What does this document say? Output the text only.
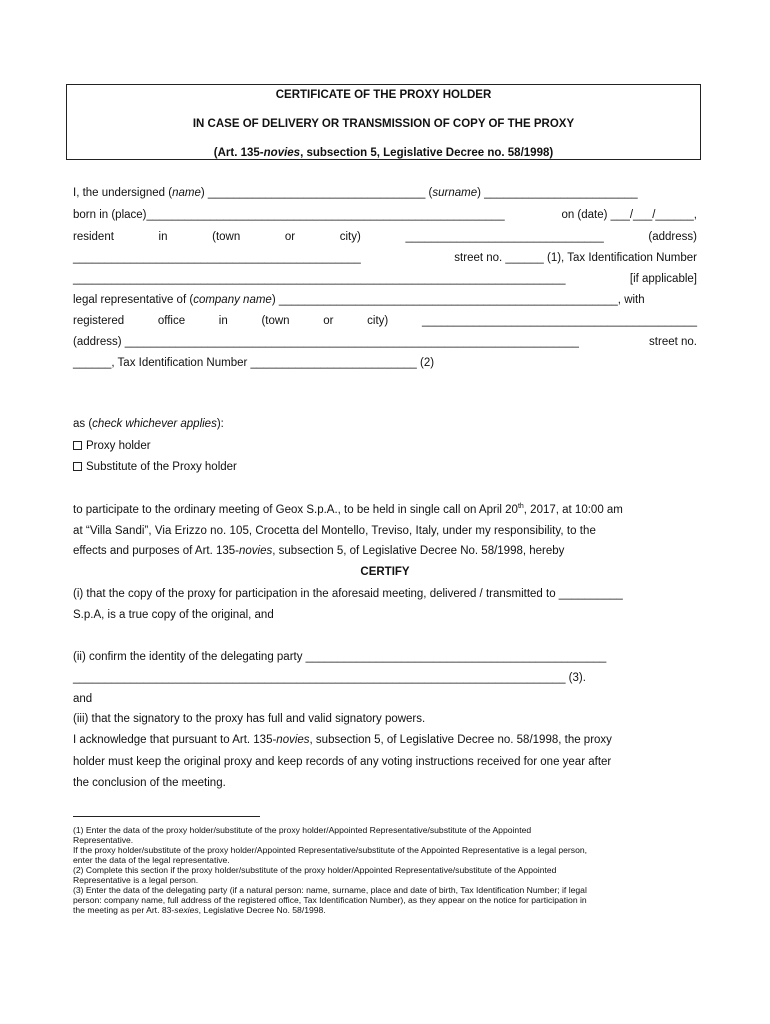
CERTIFICATE OF THE PROXY HOLDER
IN CASE OF DELIVERY OR TRANSMISSION OF COPY OF THE PROXY
(Art. 135-novies, subsection 5, Legislative Decree no. 58/1998)
I, the undersigned (name) __________________________________ (surname) ________________________
born in (place)________________________________________________________	on (date) ___/___/______,
resident	in	(town	or	city)	_______________________________	(address)
_____________________________________________	street no. ______ (1), Tax Identification Number
_____________________________________________________________________________	[if applicable]
legal representative of (company name) _____________________________________________________, with
registered	office	in	(town	or	city)	___________________________________________
(address) _______________________________________________________________________	street no.
______, Tax Identification Number __________________________ (2)
as (check whichever applies):
Proxy holder
Substitute of the Proxy holder
to participate to the ordinary meeting of Geox S.p.A., to be held in single call on April 20th, 2017, at 10:00 am
at “Villa Sandi”, Via Erizzo no. 105, Crocetta del Montello, Treviso, Italy, under my responsibility, to the
effects and purposes of Art. 135-novies, subsection 5, of Legislative Decree No. 58/1998, hereby
CERTIFY
(i) that the copy of the proxy for participation in the aforesaid meeting, delivered / transmitted to __________
S.p.A, is a true copy of the original, and
(ii) confirm the identity of the delegating party _______________________________________________
_____________________________________________________________________________ (3).
and
(iii) that the signatory to the proxy has full and valid signatory powers.
I acknowledge that pursuant to Art. 135-novies, subsection 5, of Legislative Decree no. 58/1998, the proxy
holder must keep the original proxy and keep records of any voting instructions received for one year after
the conclusion of the meeting.
(1) Enter the data of the proxy holder/substitute of the proxy holder/Appointed Representative/substitute of the Appointed
Representative.
If the proxy holder/substitute of the proxy holder/Appointed Representative/substitute of the Appointed Representative is a legal person,
enter the data of the legal representative.
(2) Complete this section if the proxy holder/substitute of the proxy holder/Appointed Representative/substitute of the Appointed
Representative is a legal person.
(3) Enter the data of the delegating party (if a natural person: name, surname, place and date of birth, Tax Identification Number; if legal
person: company name, full address of the registered office, Tax Identification Number), as they appear on the notice for participation in
the meeting as per Art. 83-sexies, Legislative Decree No. 58/1998.
